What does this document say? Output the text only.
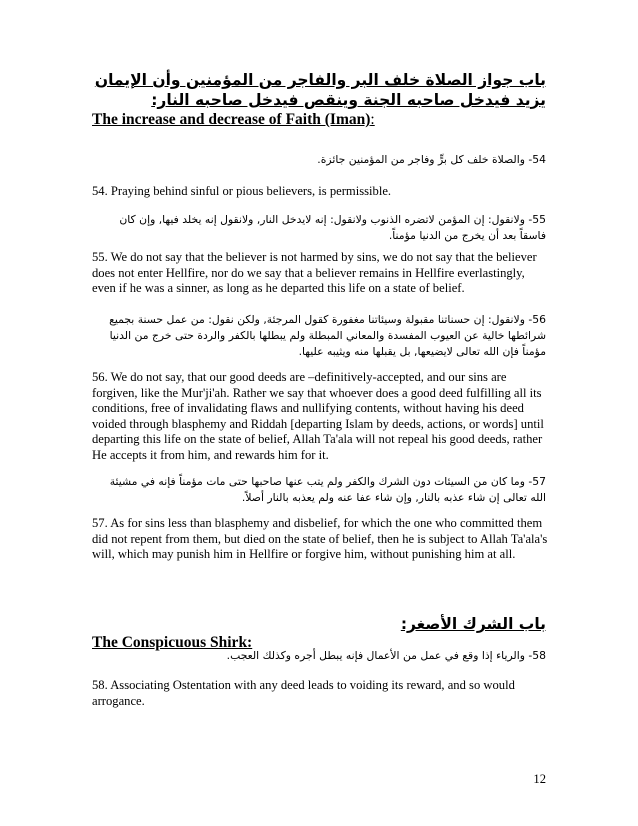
باب جواز الصلاة خلف البر والفاجر من المؤمنين وأن الإيمان يزيد فيدخل صاحبه الجنة وينقص فيدخل صاحبه النار:
The increase and decrease of Faith (Iman):
54- والصلاة خلف كل برٍّ وفاجر من المؤمنين جائزة.
54. Praying behind sinful or pious believers, is permissible.
55- ولانقول: إن المؤمن لاتضره الذنوب ولانقول: إنه لايدخل النار, ولانقول إنه يخلد فيها, وإن كان فاسقاً بعد أن يخرج من الدنيا مؤمناً.
55. We do not say that the believer is not harmed by sins, we do not say that the believer does not enter Hellfire, nor do we say that a believer remains in Hellfire everlastingly, even if he was a sinner, as long as he departed this life on a state of belief.
56- ولانقول: إن حسناتنا مقبولة وسيئاتنا مغفورة كقول المرجئة, ولكن نقول: من عمل حسنة بجميع شرائطها خالية عن العيوب المفسدة والمعاني المبطلة ولم يبطلها بالكفر والردة حتى خرج من الدنيا مؤمناً فإن الله تعالى لايضيعها, بل يقبلها منه ويثيبه عليها.
56. We do not say, that our good deeds are –definitively-accepted, and our sins are forgiven, like the Mur'ji'ah. Rather we say that whoever does a good deed fulfilling all its conditions, free of invalidating flaws and nullifying contents, without having his deed voided through blasphemy and Riddah [departing Islam by deeds, actions, or words] until departing this life on the state of belief, Allah Ta'ala will not repeal his good deeds, rather He accepts it from him, and rewards him for it.
57- وما كان من السيئات دون الشرك والكفر ولم يتب عنها صاحبها حتى مات مؤمناً فإنه في مشيئة الله تعالى إن شاء عذبه بالنار, وإن شاء عفا عنه ولم يعذبه بالنار أصلاً.
57. As for sins less than blasphemy and disbelief, for which the one who committed them did not repent from them, but died on the state of belief, then he is subject to Allah Ta'ala's will, which may punish him in Hellfire or forgive him, without punishing him at all.
باب الشرك الأصغر:
The Conspicuous Shirk:
58- والرياء إذا وقع في عمل من الأعمال فإنه يبطل أجره وكذلك العجب.
58. Associating Ostentation with any deed leads to voiding its reward, and so would arrogance.
12
